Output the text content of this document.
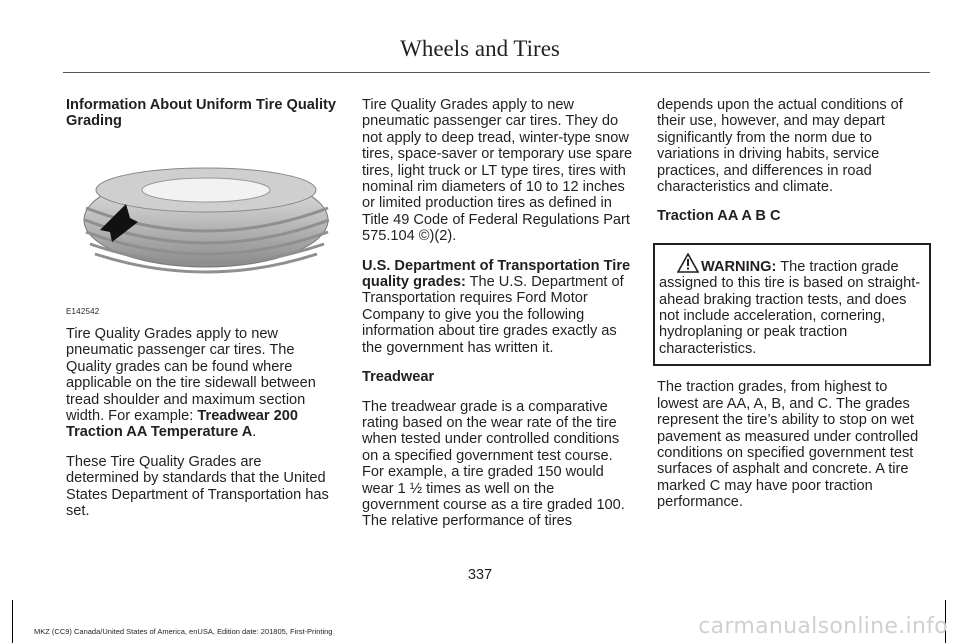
Wheels and Tires

Information About Uniform Tire Quality Grading

E142542

Tire Quality Grades apply to new pneumatic passenger car tires. The Quality grades can be found where applicable on the tire sidewall between tread shoulder and maximum section width. For example: Treadwear 200 Traction AA Temperature A.

These Tire Quality Grades are determined by standards that the United States Department of Transportation has set.

Tire Quality Grades apply to new pneumatic passenger car tires. They do not apply to deep tread, winter-type snow tires, space-saver or temporary use spare tires, light truck or LT type tires, tires with nominal rim diameters of 10 to 12 inches or limited production tires as defined in Title 49 Code of Federal Regulations Part 575.104 ©)(2).

U.S. Department of Transportation Tire quality grades: The U.S. Department of Transportation requires Ford Motor Company to give you the following information about tire grades exactly as the government has written it.

Treadwear

The treadwear grade is a comparative rating based on the wear rate of the tire when tested under controlled conditions on a specified government test course. For example, a tire graded 150 would wear 1 ½ times as well on the government course as a tire graded 100. The relative performance of tires

depends upon the actual conditions of their use, however, and may depart significantly from the norm due to variations in driving habits, service practices, and differences in road characteristics and climate.

Traction AA A B C

WARNING: The traction grade assigned to this tire is based on straight-ahead braking traction tests, and does not include acceleration, cornering, hydroplaning or peak traction characteristics.

The traction grades, from highest to lowest are AA, A, B, and C. The grades represent the tire’s ability to stop on wet pavement as measured under controlled conditions on specified government test surfaces of asphalt and concrete. A tire marked C may have poor traction performance.

337
MKZ (CC9) Canada/United States of America, enUSA, Edition date: 201805, First-Printing	carmanualsonline.info
